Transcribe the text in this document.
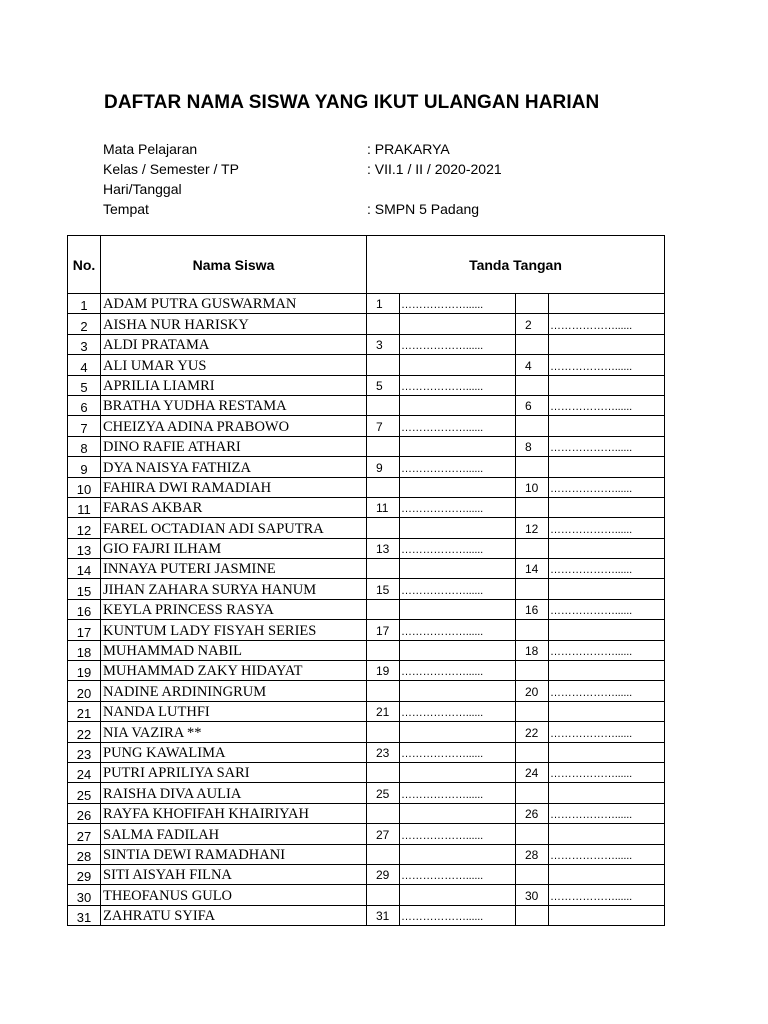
DAFTAR NAMA SISWA YANG IKUT ULANGAN HARIAN
Mata Pelajaran	: PRAKARYA
Kelas / Semester / TP	: VII.1 / II / 2020-2021
Hari/Tanggal
Tempat	: SMPN 5 Padang
No.	Nama Siswa	Tanda Tangan			
1	ADAM PUTRA GUSWARMAN	1	………………......		
2	AISHA NUR HARISKY			2	………………......
3	ALDI PRATAMA	3	………………......		
4	ALI UMAR YUS			4	………………......
5	APRILIA LIAMRI	5	………………......		
6	BRATHA YUDHA RESTAMA			6	………………......
7	CHEIZYA ADINA PRABOWO	7	………………......		
8	DINO RAFIE ATHARI			8	………………......
9	DYA NAISYA FATHIZA	9	………………......		
10	FAHIRA DWI RAMADIAH			10	………………......
11	FARAS AKBAR	11	………………......		
12	FAREL OCTADIAN ADI SAPUTRA			12	………………......
13	GIO FAJRI ILHAM	13	………………......		
14	INNAYA PUTERI JASMINE			14	………………......
15	JIHAN ZAHARA SURYA HANUM	15	………………......		
16	KEYLA PRINCESS RASYA			16	………………......
17	KUNTUM LADY FISYAH SERIES	17	………………......		
18	MUHAMMAD NABIL			18	………………......
19	MUHAMMAD ZAKY HIDAYAT	19	………………......		
20	NADINE ARDININGRUM			20	………………......
21	NANDA LUTHFI	21	………………......		
22	NIA VAZIRA **			22	………………......
23	PUNG KAWALIMA	23	………………......		
24	PUTRI APRILIYA SARI			24	………………......
25	RAISHA DIVA AULIA	25	………………......		
26	RAYFA KHOFIFAH KHAIRIYAH			26	………………......
27	SALMA FADILAH	27	………………......		
28	SINTIA DEWI RAMADHANI			28	………………......
29	SITI AISYAH FILNA	29	………………......		
30	THEOFANUS GULO			30	………………......
31	ZAHRATU SYIFA	31	………………......		
